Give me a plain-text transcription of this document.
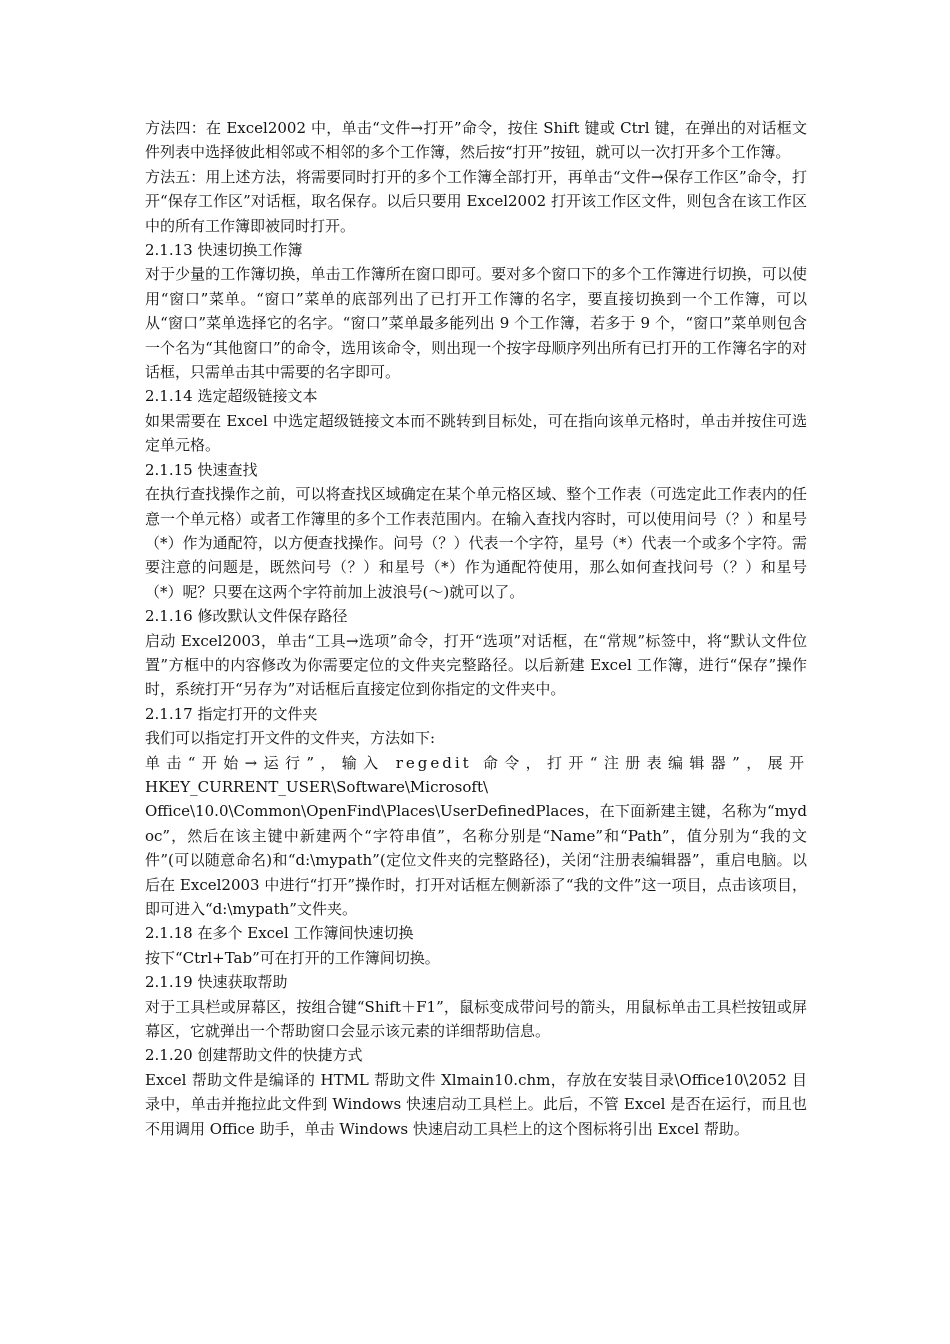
方法四：在 Excel2002 中，单击“文件→打开”命令，按住 Shift 键或 Ctrl 键，在弹出的对话框文件列表中选择彼此相邻或不相邻的多个工作簿，然后按“打开”按钮，就可以一次打开多个工作簿。

方法五：用上述方法，将需要同时打开的多个工作簿全部打开，再单击“文件→保存工作区”命令，打开“保存工作区”对话框，取名保存。以后只要用 Excel2002 打开该工作区文件，则包含在该工作区中的所有工作簿即被同时打开。

2.1.13 快速切换工作簿

对于少量的工作簿切换，单击工作簿所在窗口即可。要对多个窗口下的多个工作簿进行切换，可以使用“窗口”菜单。“窗口”菜单的底部列出了已打开工作簿的名字，要直接切换到一个工作簿，可以从“窗口”菜单选择它的名字。“窗口”菜单最多能列出 9 个工作簿，若多于 9 个，“窗口”菜单则包含一个名为“其他窗口”的命令，选用该命令，则出现一个按字母顺序列出所有已打开的工作簿名字的对话框，只需单击其中需要的名字即可。

2.1.14 选定超级链接文本

如果需要在 Excel 中选定超级链接文本而不跳转到目标处，可在指向该单元格时，单击并按住可选定单元格。

2.1.15 快速查找

在执行查找操作之前，可以将查找区域确定在某个单元格区域、整个工作表（可选定此工作表内的任意一个单元格）或者工作簿里的多个工作表范围内。在输入查找内容时，可以使用问号（？）和星号（*）作为通配符，以方便查找操作。问号（？）代表一个字符，星号（*）代表一个或多个字符。需要注意的问题是，既然问号（？）和星号（*）作为通配符使用，那么如何查找问号（？）和星号（*）呢？只要在这两个字符前加上波浪号(～)就可以了。

2.1.16 修改默认文件保存路径

启动 Excel2003，单击“工具→选项”命令，打开“选项”对话框，在“常规”标签中，将“默认文件位置”方框中的内容修改为你需要定位的文件夹完整路径。以后新建 Excel 工作簿，进行“保存”操作时，系统打开“另存为”对话框后直接定位到你指定的文件夹中。

2.1.17 指定打开的文件夹

我们可以指定打开文件的文件夹，方法如下:

单击“开始→运行”，输入 regedit 命令，打开“注册表编辑器”，展开

HKEY_CURRENT_USER\Software\Microsoft\

Office\10.0\Common\OpenFind\Places\UserDefinedPlaces，在下面新建主键，名称为“mydoc”，然后在该主键中新建两个“字符串值”，名称分别是“Name”和“Path”，值分别为“我的文件”(可以随意命名)和“d:\mypath”(定位文件夹的完整路径)，关闭“注册表编辑器”，重启电脑。以后在 Excel2003 中进行“打开”操作时，打开对话框左侧新添了“我的文件”这一项目，点击该项目，即可进入“d:\mypath”文件夹。

2.1.18 在多个 Excel 工作簿间快速切换

按下“Ctrl+Tab”可在打开的工作簿间切换。

2.1.19 快速获取帮助

对于工具栏或屏幕区，按组合键“Shift＋F1”，鼠标变成带问号的箭头，用鼠标单击工具栏按钮或屏幕区，它就弹出一个帮助窗口会显示该元素的详细帮助信息。

2.1.20 创建帮助文件的快捷方式

Excel 帮助文件是编译的 HTML 帮助文件 Xlmain10.chm，存放在安装目录\Office10\2052 目录中，单击并拖拉此文件到 Windows 快速启动工具栏上。此后，不管 Excel 是否在运行，而且也不用调用 Office 助手，单击 Windows 快速启动工具栏上的这个图标将引出 Excel 帮助。
